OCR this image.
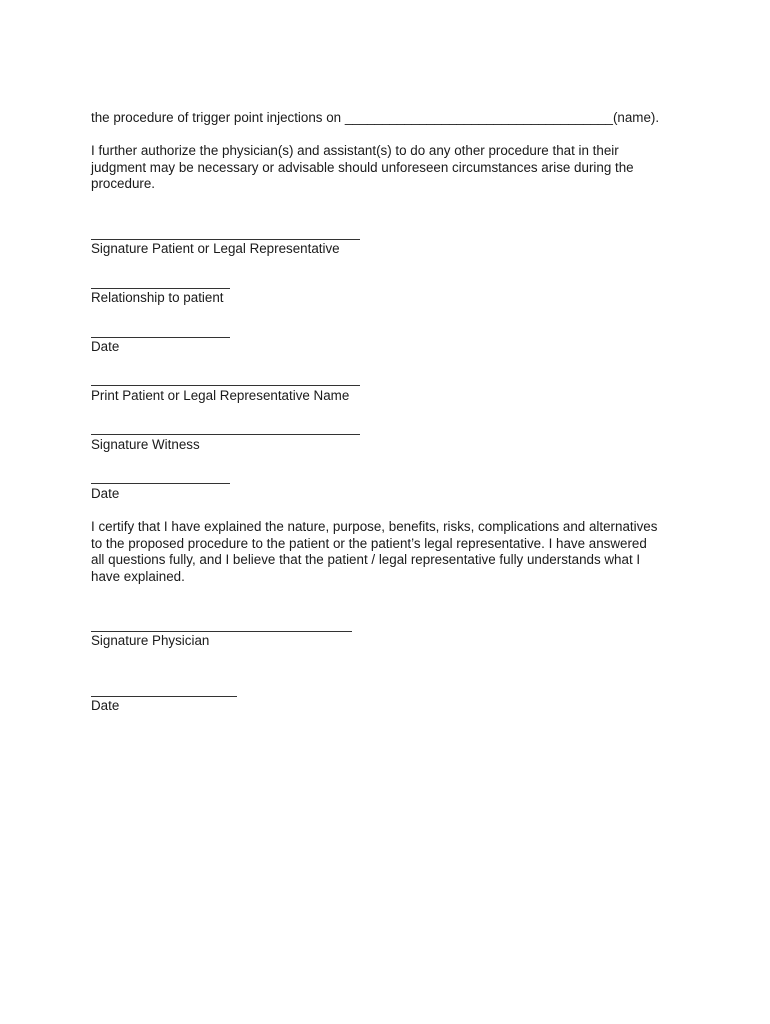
the procedure of trigger point injections on ____________________________________(name).
I further authorize the physician(s) and assistant(s) to do any other procedure that in their
judgment may be necessary or advisable should unforeseen circumstances arise during the
procedure.
Signature Patient or Legal Representative
Relationship to patient
Date
Print Patient or Legal Representative Name
Signature Witness
Date
I certify that I have explained the nature, purpose, benefits, risks, complications and alternatives
to the proposed procedure to the patient or the patient’s legal representative. I have answered
all questions fully, and I believe that the patient / legal representative fully understands what I
have explained.
Signature Physician
Date
